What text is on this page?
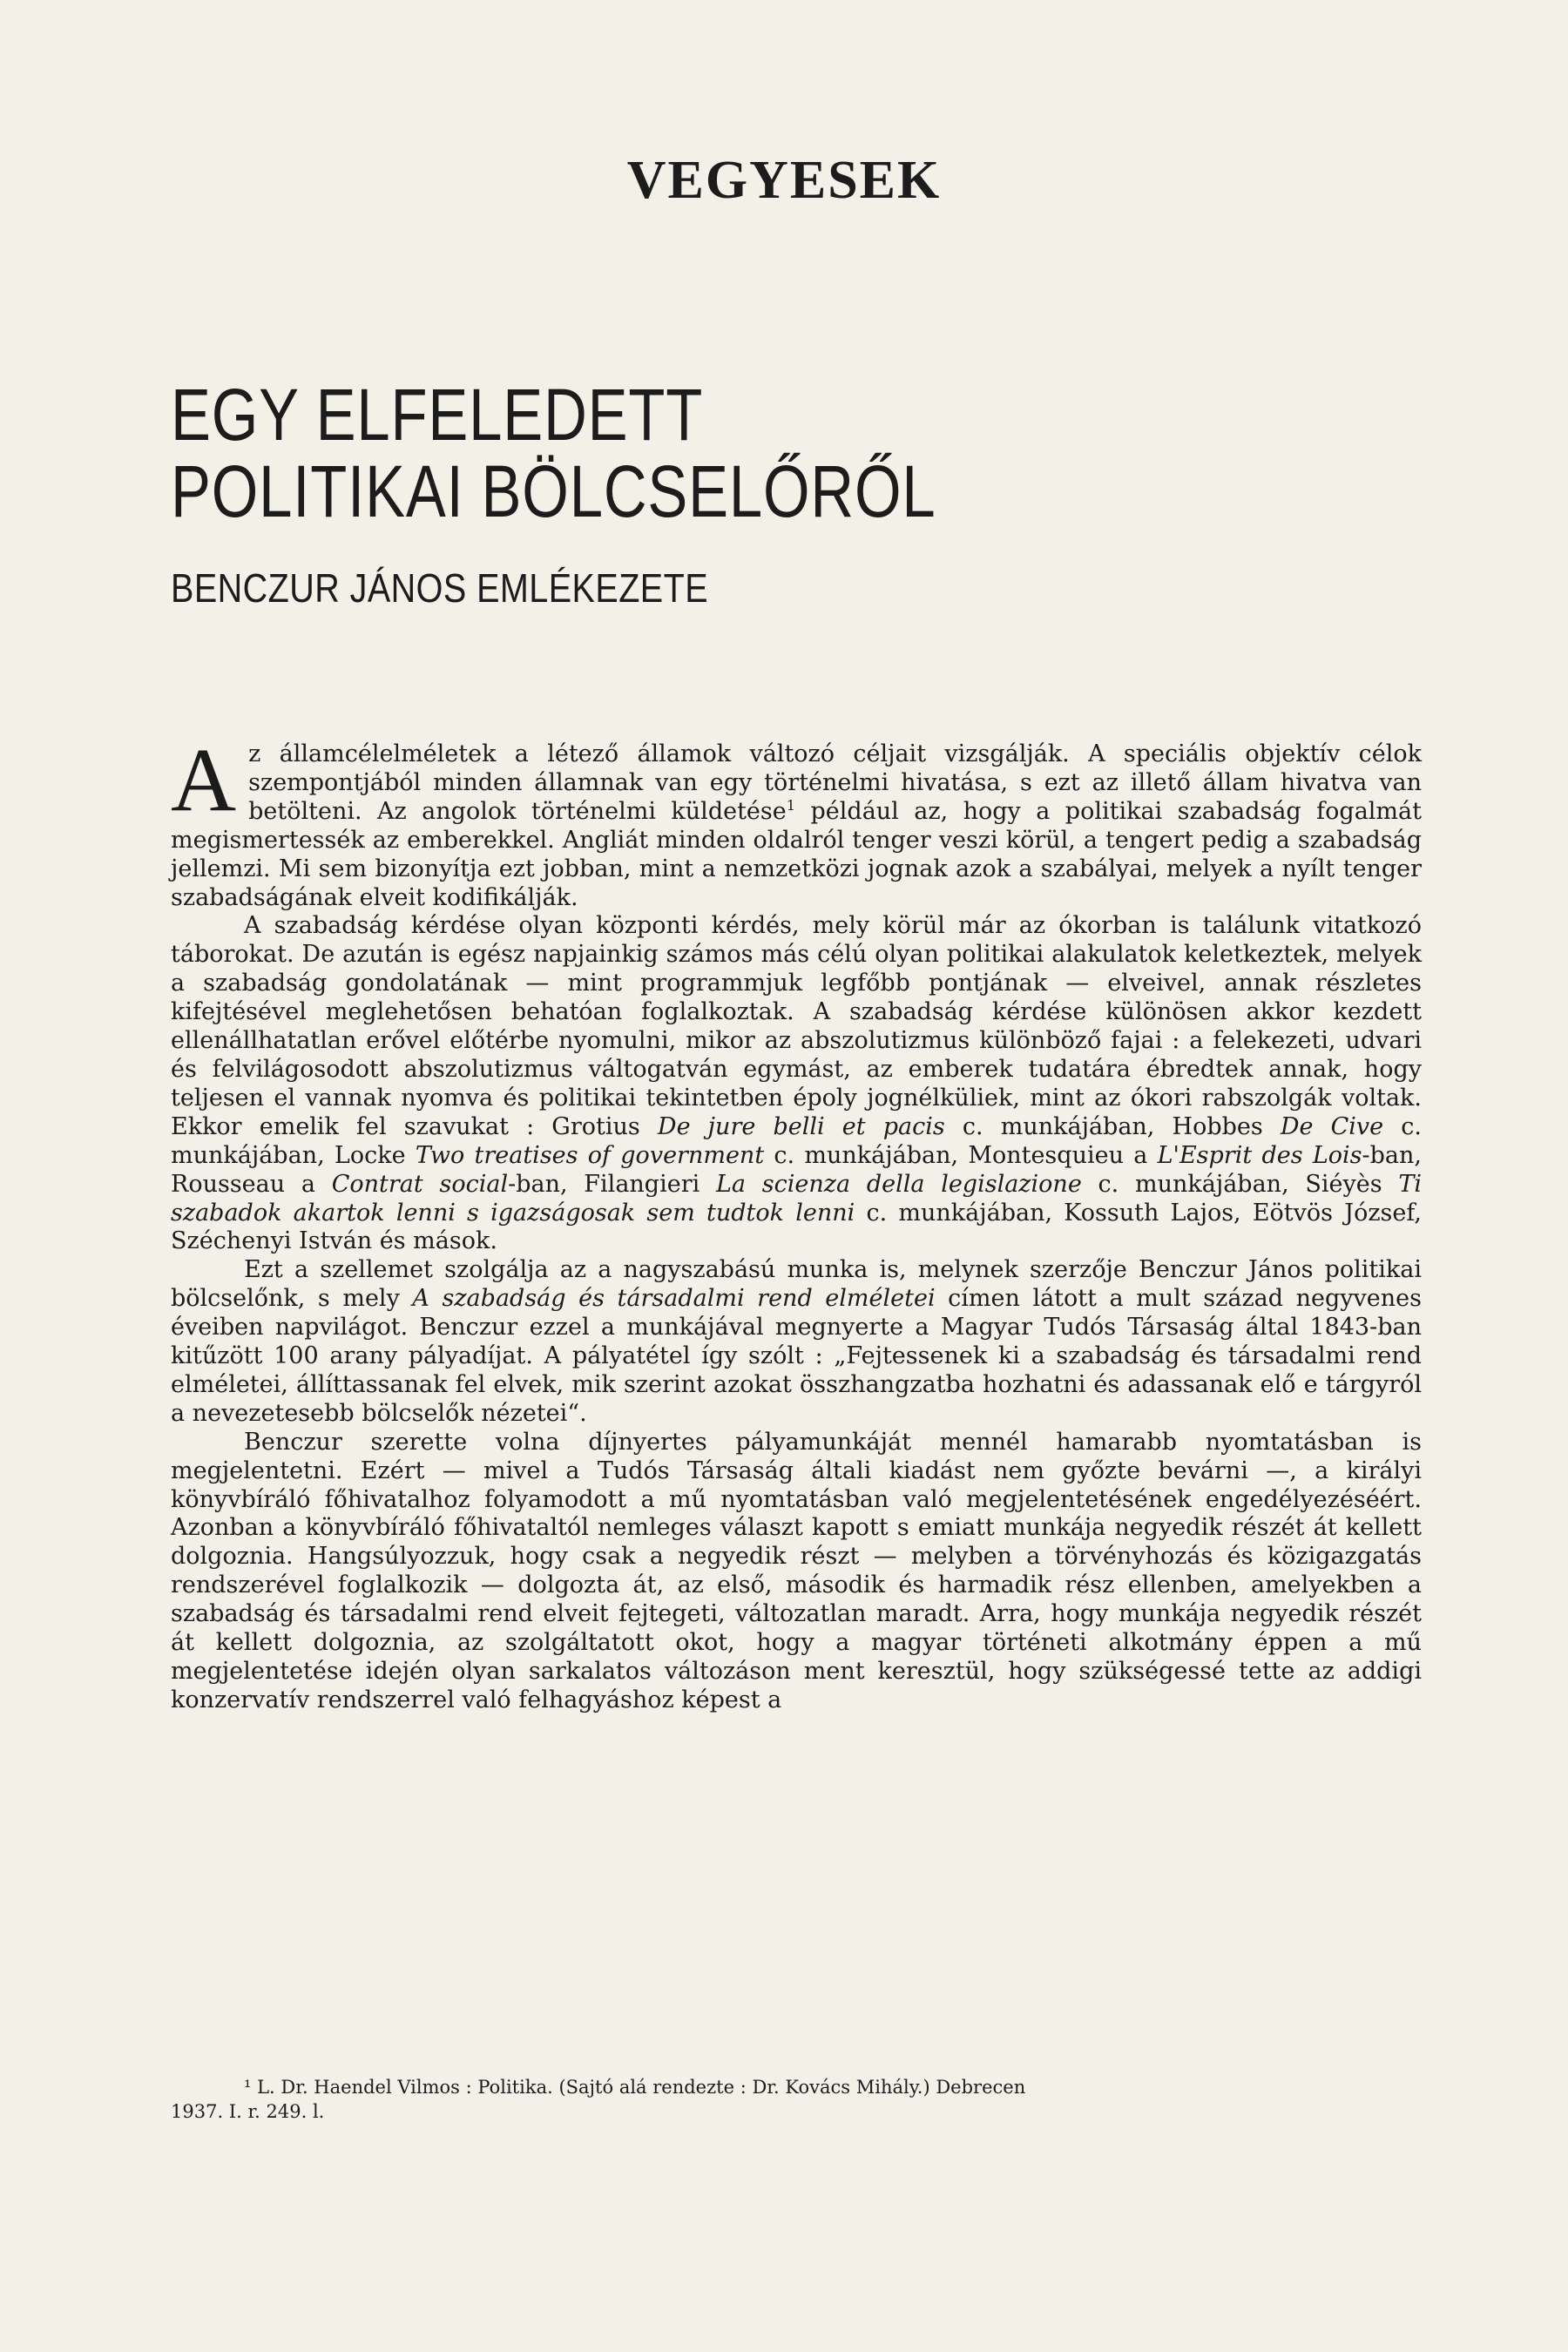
VEGYESEK
EGY ELFELEDETT
POLITIKAI BÖLCSELŐRŐL
BENCZUR JÁNOS EMLÉKEZETE

Az államcélelméletek a létező államok változó céljait vizsgálják. A speciális objektív célok szempontjából minden államnak van egy történelmi hivatása, s ezt az illető állam hivatva van betölteni. Az angolok történelmi küldetése$^1$ például az, hogy a politikai szabadság fogalmát megismertessék az emberekkel. Angliát minden oldalról tenger veszi körül, a tengert pedig a szabadság jellemzi. Mi sem bizonyítja ezt jobban, mint a nemzetközi jognak azok a szabályai, melyek a nyílt tenger szabadságának elveit kodifikálják.

A szabadság kérdése olyan központi kérdés, mely körül már az ókorban is találunk vitatkozó táborokat. De azután is egész napjainkig számos más célú olyan politikai alakulatok keletkeztek, melyek a szabadság gondolatának — mint programmjuk legfőbb pontjának — elveivel, annak részletes kifejtésével meglehetősen behatóan foglalkoztak. A szabadság kérdése különösen akkor kezdett ellenállhatatlan erővel előtérbe nyomulni, mikor az abszolutizmus különböző fajai : a felekezeti, udvari és felvilágosodott abszolutizmus váltogatván egymást, az emberek tudatára ébredtek annak, hogy teljesen el vannak nyomva és politikai tekintetben époly jognélküliek, mint az ókori rabszolgák voltak. Ekkor emelik fel szavukat : Grotius De jure belli et pacis c. munkájában, Hobbes De Cive c. munkájában, Locke Two treatises of government c. munkájában, Montesquieu a L'Esprit des Lois-ban, Rousseau a Contrat social-ban, Filangieri La scienza della legislazione c. munkájában, Siéyès Ti szabadok akartok lenni s igazságosak sem tudtok lenni c. munkájában, Kossuth Lajos, Eötvös József, Széchenyi István és mások.

Ezt a szellemet szolgálja az a nagyszabású munka is, melynek szerzője Benczur János politikai bölcselőnk, s mely A szabadság és társadalmi rend elméletei címen látott a mult század negyvenes éveiben napvilágot. Benczur ezzel a munkájával megnyerte a Magyar Tudós Társaság által 1843-ban kitűzött 100 arany pályadíjat. A pályatétel így szólt : „Fejtessenek ki a szabadság és társadalmi rend elméletei, állíttassanak fel elvek, mik szerint azokat összhangzatba hozhatni és adassanak elő e tárgyról a nevezetesebb bölcselők nézetei“.

Benczur szerette volna díjnyertes pályamunkáját mennél hamarabb nyomtatásban is megjelentetni. Ezért — mivel a Tudós Társaság általi kiadást nem győzte bevárni —, a királyi könyvbíráló főhivatalhoz folyamodott a mű nyomtatásban való megjelentetésének engedélyezéséért. Azonban a könyvbíráló főhivataltól nemleges választ kapott s emiatt munkája negyedik részét át kellett dolgoznia. Hangsúlyozzuk, hogy csak a negyedik részt — melyben a törvényhozás és közigazgatás rendszerével foglalkozik — dolgozta át, az első, második és harmadik rész ellenben, amelyekben a szabadság és társadalmi rend elveit fejtegeti, változatlan maradt. Arra, hogy munkája negyedik részét át kellett dolgoznia, az szolgáltatott okot, hogy a magyar történeti alkotmány éppen a mű megjelentetése idején olyan sarkalatos változáson ment keresztül, hogy szükségessé tette az addigi konzervatív rendszerrel való felhagyáshoz képest a

¹ L. Dr. Haendel Vilmos : Politika. (Sajtó alá rendezte : Dr. Kovács Mihály.) Debrecen
1937. I. r. 249. l.
